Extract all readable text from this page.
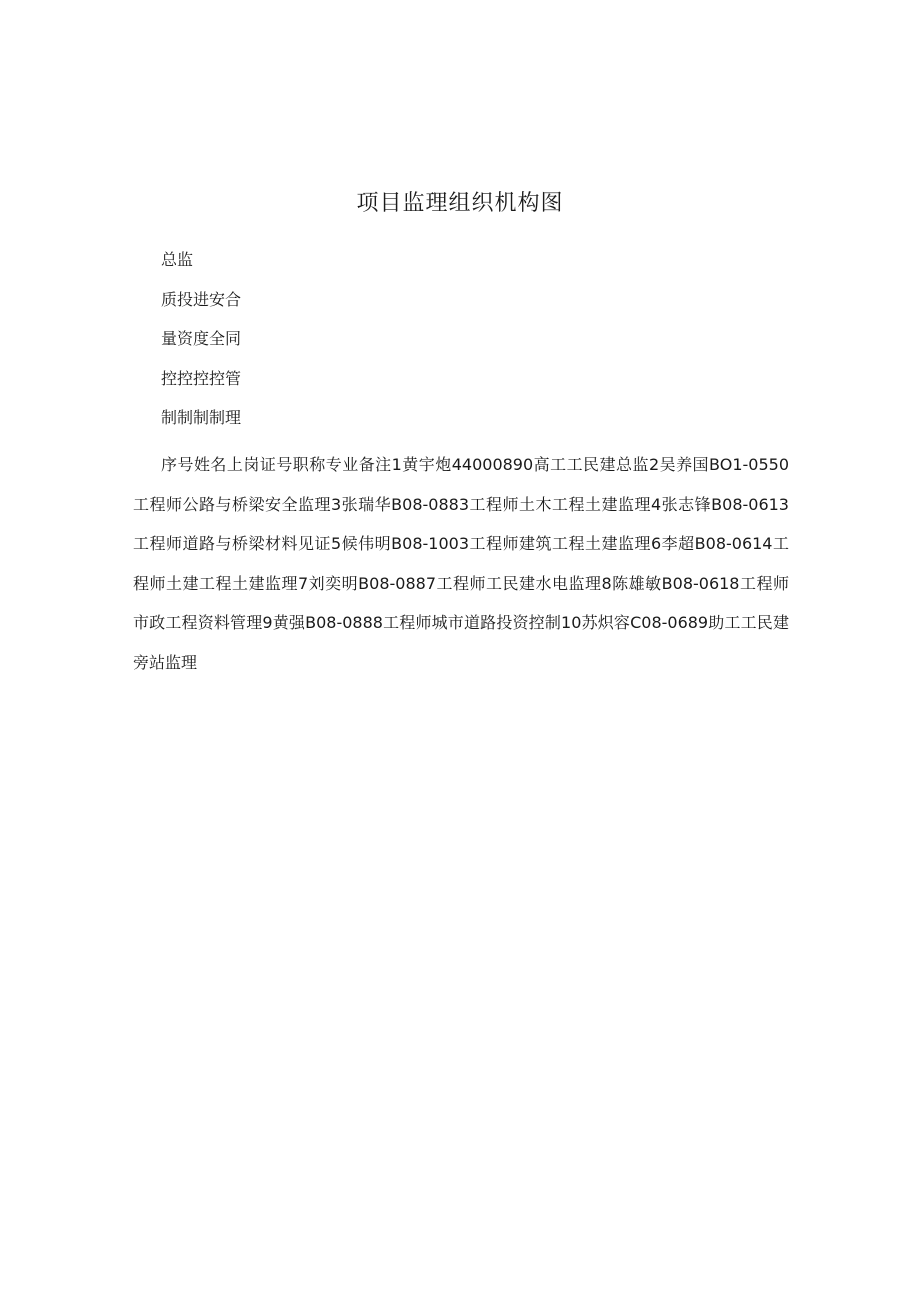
项目监理组织机构图
总监
质投进安合
量资度全同
控控控控管
制制制制理

序号姓名上岗证号职称专业备注1黄宇炮44000890高工工民建总监2吴养国BO1-0550工程师公路与桥梁安全监理3张瑞华B08-0883工程师土木工程土建监理4张志锋B08-0613工程师道路与桥梁材料见证5候伟明B08-1003工程师建筑工程土建监理6李超B08-0614工程师土建工程土建监理7刘奕明B08-0887工程师工民建水电监理8陈雄敏B08-0618工程师市政工程资料管理9黄强B08-0888工程师城市道路投资控制10苏炽容C08-0689助工工民建旁站监理
